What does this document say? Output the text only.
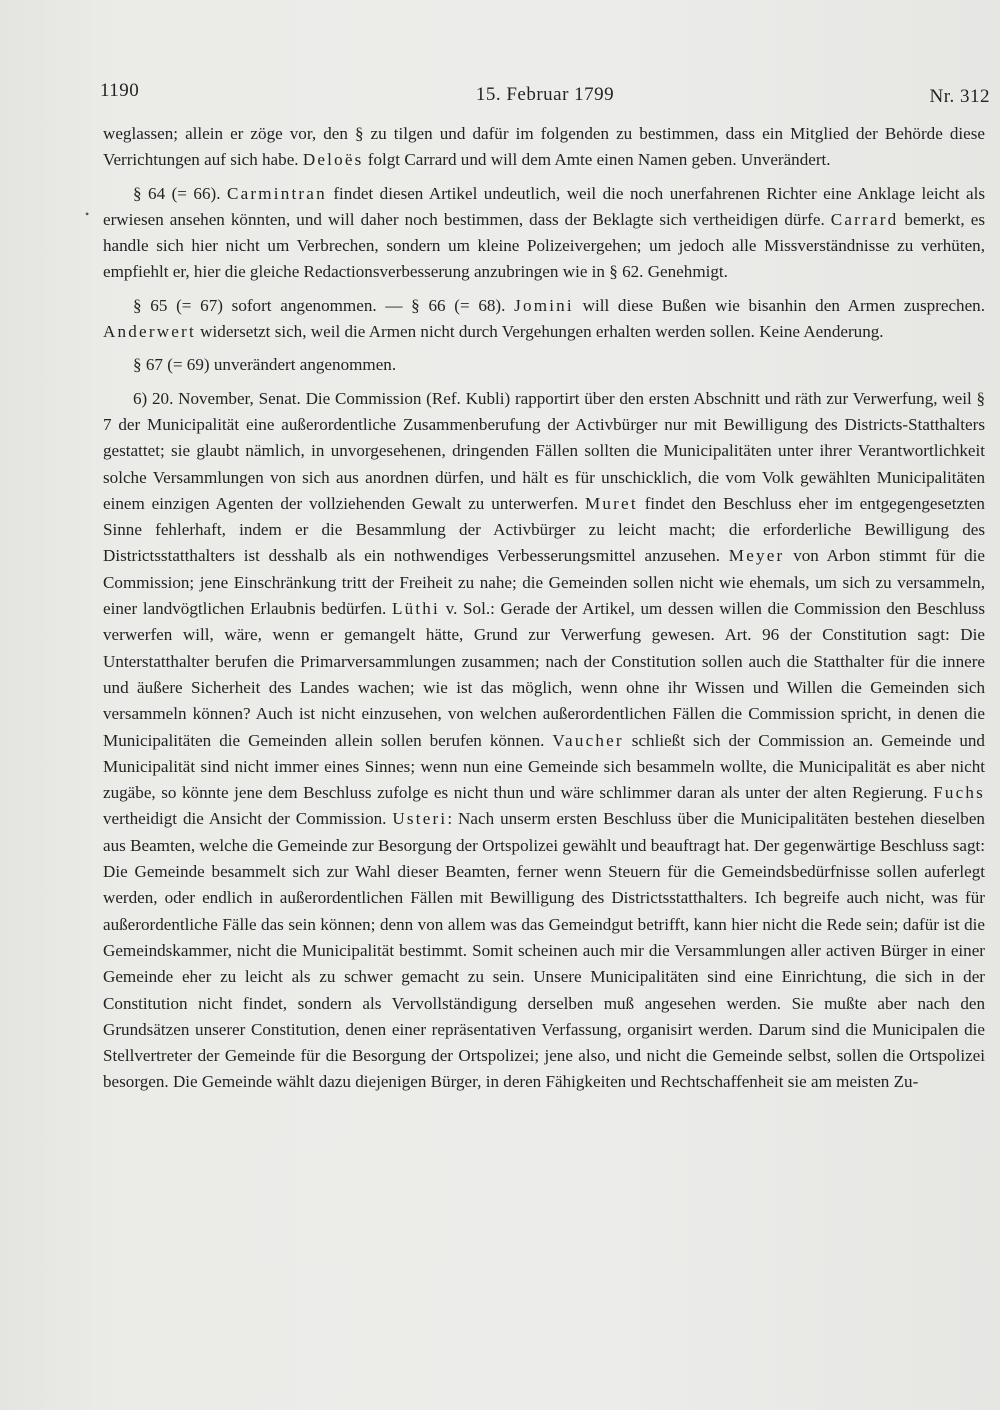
1190	15. Februar 1799	Nr. 312
•

weglassen; allein er zöge vor, den § zu tilgen und dafür im folgenden zu bestimmen, dass ein Mitglied der Behörde diese Verrichtungen auf sich habe. Deloës folgt Carrard und will dem Amte einen Namen geben. Unverändert.

§ 64 (= 66). Carmintran findet diesen Artikel undeutlich, weil die noch unerfahrenen Richter eine Anklage leicht als erwiesen ansehen könnten, und will daher noch bestimmen, dass der Beklagte sich vertheidigen dürfe. Carrard bemerkt, es handle sich hier nicht um Verbrechen, sondern um kleine Polizeivergehen; um jedoch alle Missverständnisse zu verhüten, empfiehlt er, hier die gleiche Redactionsverbesserung anzubringen wie in § 62. Genehmigt.

§ 65 (= 67) sofort angenommen. — § 66 (= 68). Jomini will diese Bußen wie bisanhin den Armen zusprechen. Anderwert widersetzt sich, weil die Armen nicht durch Vergehungen erhalten werden sollen. Keine Aenderung.

§ 67 (= 69) unverändert angenommen.

6) 20. November, Senat. Die Commission (Ref. Kubli) rapportirt über den ersten Abschnitt und räth zur Verwerfung, weil § 7 der Municipalität eine außerordentliche Zusammenberufung der Activbürger nur mit Bewilligung des Districts-Statthalters gestattet; sie glaubt nämlich, in unvorgesehenen, dringenden Fällen sollten die Municipalitäten unter ihrer Verantwortlichkeit solche Versammlungen von sich aus anordnen dürfen, und hält es für unschicklich, die vom Volk gewählten Municipalitäten einem einzigen Agenten der vollziehenden Gewalt zu unterwerfen. Muret findet den Beschluss eher im entgegengesetzten Sinne fehlerhaft, indem er die Besammlung der Activbürger zu leicht macht; die erforderliche Bewilligung des Districtsstatthalters ist desshalb als ein nothwendiges Verbesserungsmittel anzusehen. Meyer von Arbon stimmt für die Commission; jene Einschränkung tritt der Freiheit zu nahe; die Gemeinden sollen nicht wie ehemals, um sich zu versammeln, einer landvögtlichen Erlaubnis bedürfen. Lüthi v. Sol.: Gerade der Artikel, um dessen willen die Commission den Beschluss verwerfen will, wäre, wenn er gemangelt hätte, Grund zur Verwerfung gewesen. Art. 96 der Constitution sagt: Die Unterstatthalter berufen die Primarversammlungen zusammen; nach der Constitution sollen auch die Statthalter für die innere und äußere Sicherheit des Landes wachen; wie ist das möglich, wenn ohne ihr Wissen und Willen die Gemeinden sich versammeln können? Auch ist nicht einzusehen, von welchen außerordentlichen Fällen die Commission spricht, in denen die Municipalitäten die Gemeinden allein sollen berufen können. Vaucher schließt sich der Commission an. Gemeinde und Municipalität sind nicht immer eines Sinnes; wenn nun eine Gemeinde sich besammeln wollte, die Municipalität es aber nicht zugäbe, so könnte jene dem Beschluss zufolge es nicht thun und wäre schlimmer daran als unter der alten Regierung. Fuchs vertheidigt die Ansicht der Commission. Usteri: Nach unserm ersten Beschluss über die Municipalitäten bestehen dieselben aus Beamten, welche die Gemeinde zur Besorgung der Ortspolizei gewählt und beauftragt hat. Der gegenwärtige Beschluss sagt: Die Gemeinde besammelt sich zur Wahl dieser Beamten, ferner wenn Steuern für die Gemeindsbedürfnisse sollen auferlegt werden, oder endlich in außerordentlichen Fällen mit Bewilligung des Districtsstatthalters. Ich begreife auch nicht, was für außerordentliche Fälle das sein können; denn von allem was das Gemeindgut betrifft, kann hier nicht die Rede sein; dafür ist die Gemeindskammer, nicht die Municipalität bestimmt. Somit scheinen auch mir die Versammlungen aller activen Bürger in einer Gemeinde eher zu leicht als zu schwer gemacht zu sein. Unsere Municipalitäten sind eine Einrichtung, die sich in der Constitution nicht findet, sondern als Vervollständigung derselben muß angesehen werden. Sie mußte aber nach den Grundsätzen unserer Constitution, denen einer repräsentativen Verfassung, organisirt werden. Darum sind die Municipalen die Stellvertreter der Gemeinde für die Besorgung der Ortspolizei; jene also, und nicht die Gemeinde selbst, sollen die Ortspolizei besorgen. Die Gemeinde wählt dazu diejenigen Bürger, in deren Fähigkeiten und Rechtschaffenheit sie am meisten Zu-
